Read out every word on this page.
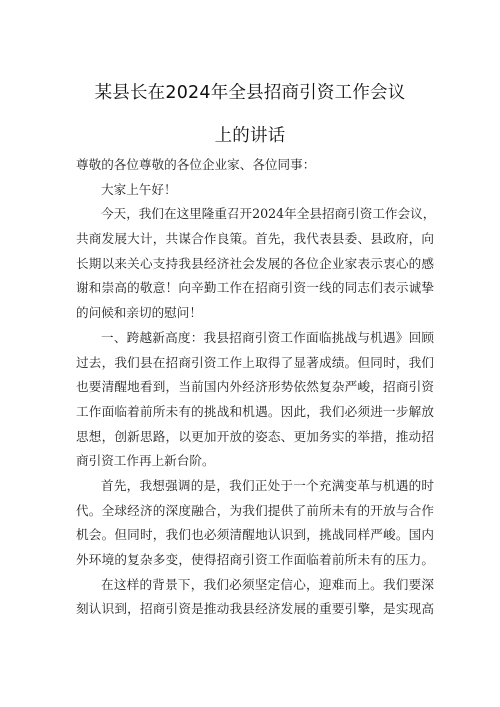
某县长在2024年全县招商引资工作会议
上的讲话
尊敬的各位尊敬的各位企业家、各位同事：
大家上午好！
今天，我们在这里隆重召开2024年全县招商引资工作会议，
共商发展大计，共谋合作良策。首先，我代表县委、县政府，向
长期以来关心支持我县经济社会发展的各位企业家表示衷心的感
谢和崇高的敬意！向辛勤工作在招商引资一线的同志们表示诚挚
的问候和亲切的慰问！
一、跨越新高度：我县招商引资工作面临挑战与机遇》回顾
过去，我们县在招商引资工作上取得了显著成绩。但同时，我们
也要清醒地看到，当前国内外经济形势依然复杂严峻，招商引资
工作面临着前所未有的挑战和机遇。因此，我们必须进一步解放
思想，创新思路，以更加开放的姿态、更加务实的举措，推动招
商引资工作再上新台阶。
首先，我想强调的是，我们正处于一个充满变革与机遇的时
代。全球经济的深度融合，为我们提供了前所未有的开放与合作
机会。但同时，我们也必须清醒地认识到，挑战同样严峻。国内
外环境的复杂多变，使得招商引资工作面临着前所未有的压力。
在这样的背景下，我们必须坚定信心，迎难而上。我们要深
刻认识到，招商引资是推动我县经济发展的重要引擎，是实现高
